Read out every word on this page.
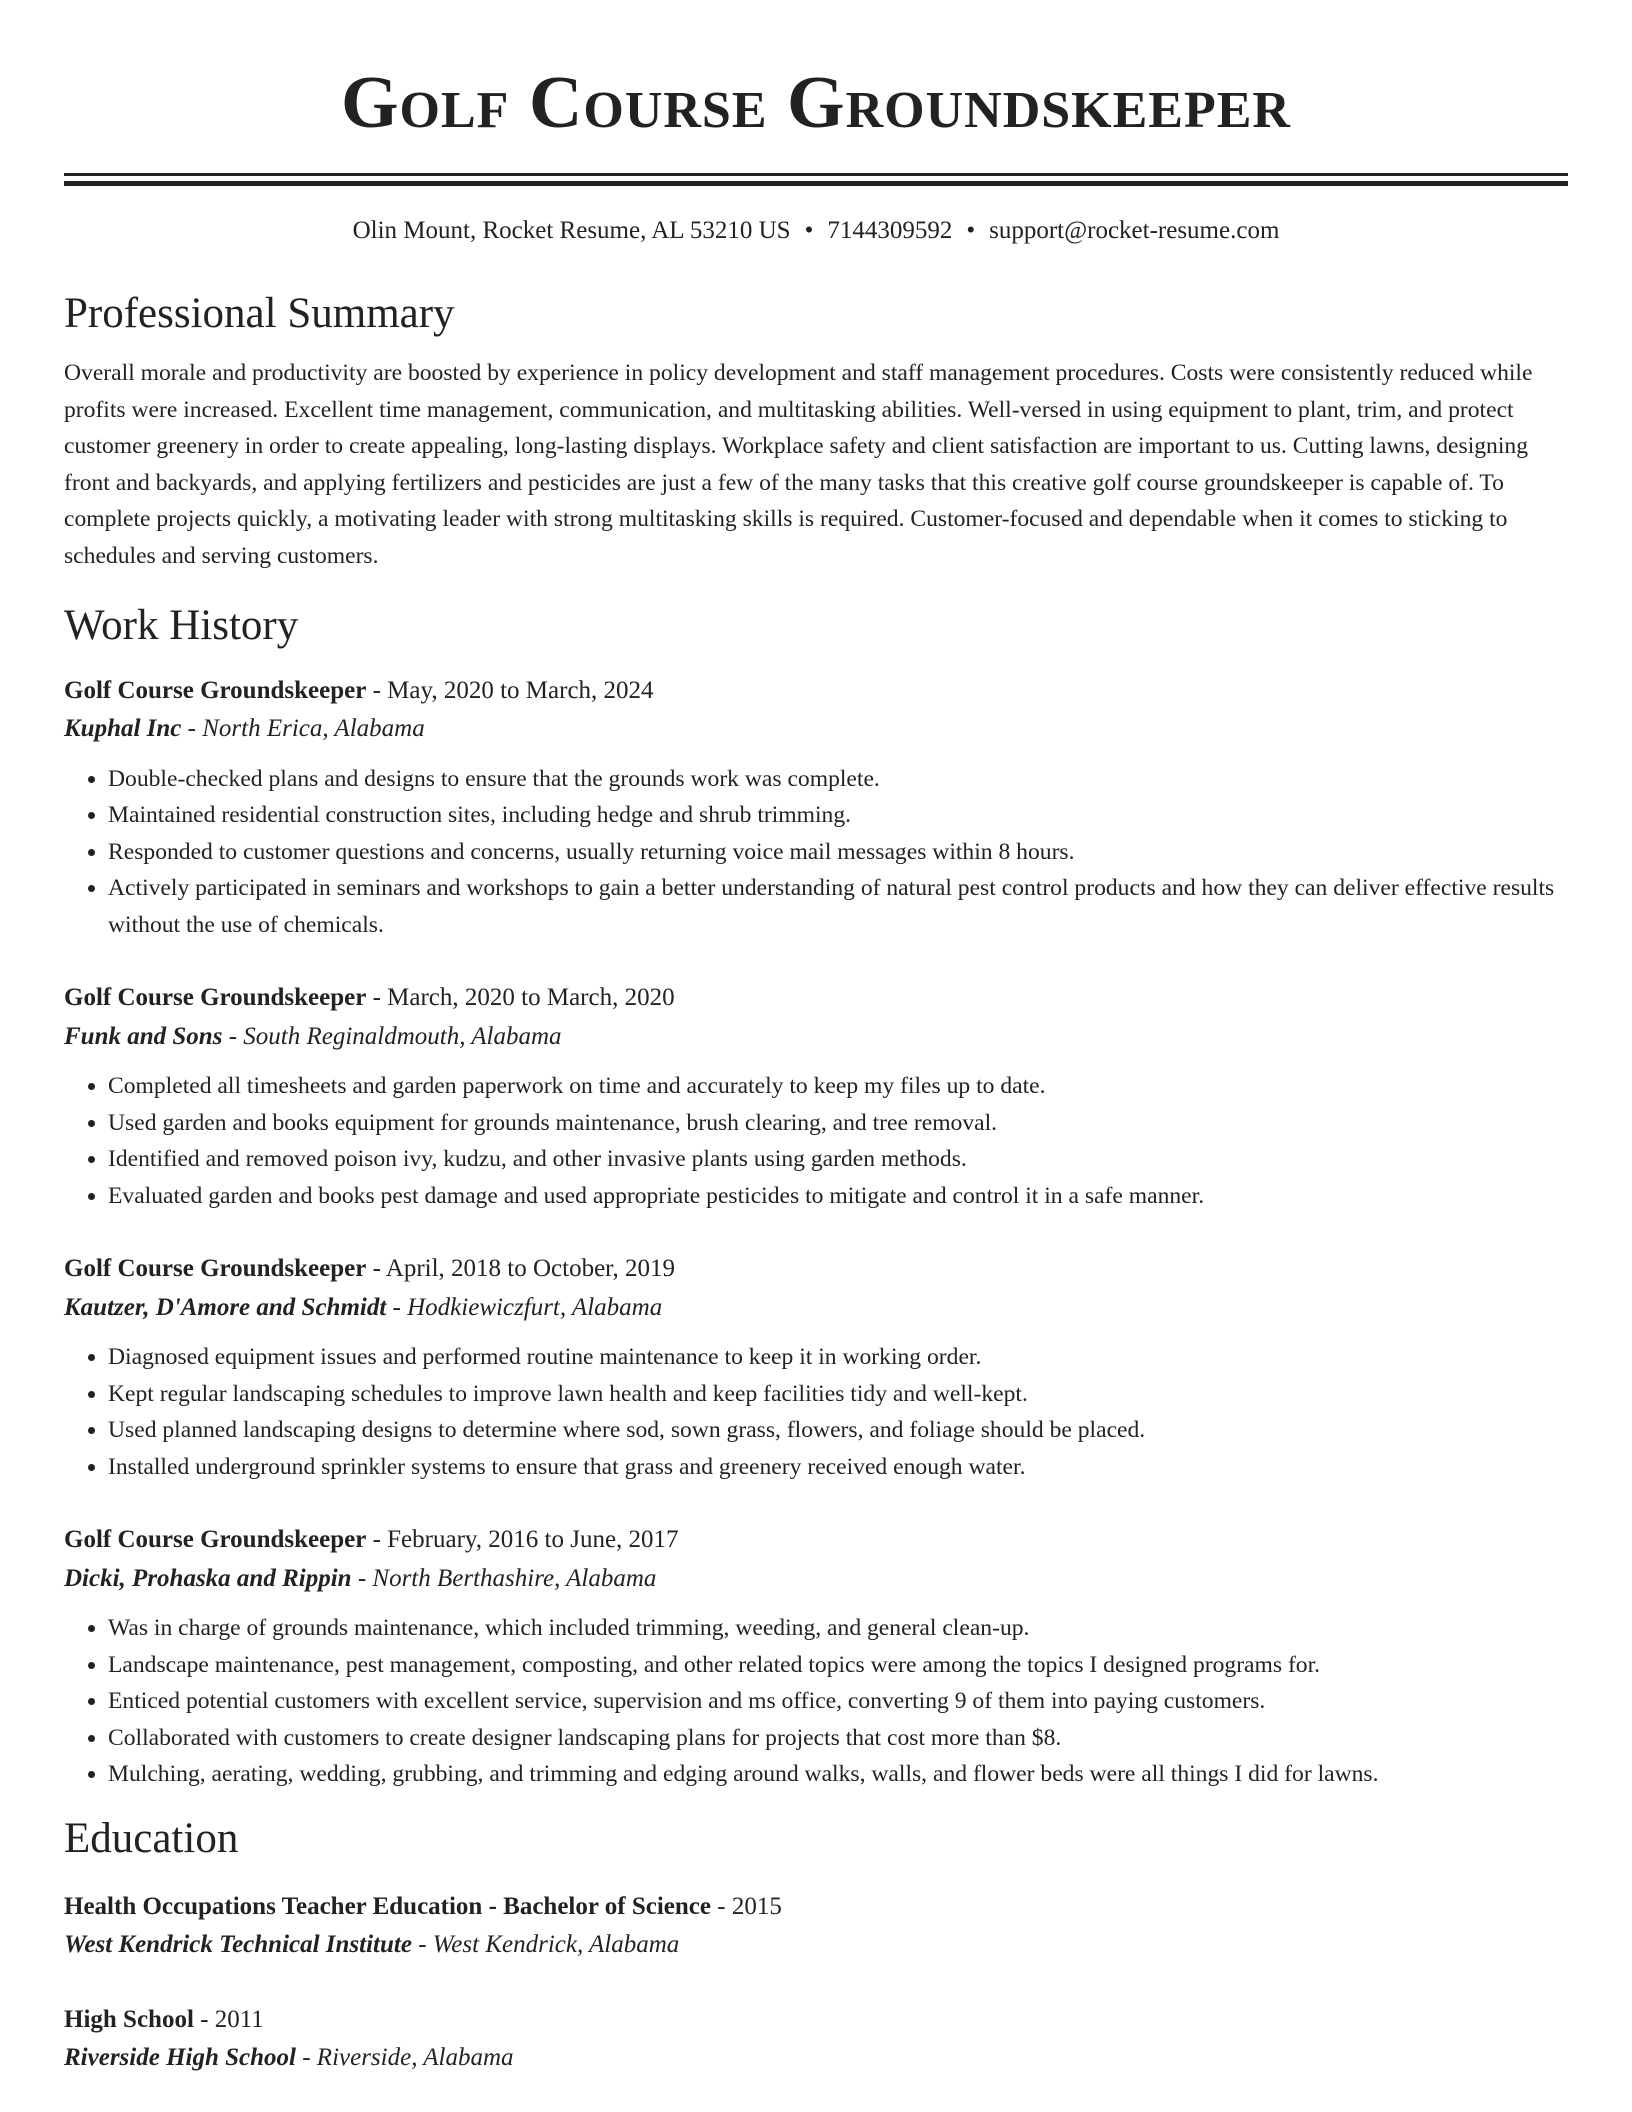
Golf Course Groundskeeper
Olin Mount, Rocket Resume, AL 53210 US • 7144309592 • support@rocket-resume.com
Professional Summary

Overall morale and productivity are boosted by experience in policy development and staff management procedures. Costs were consistently reduced while profits were increased. Excellent time management, communication, and multitasking abilities. Well-versed in using equipment to plant, trim, and protect customer greenery in order to create appealing, long-lasting displays. Workplace safety and client satisfaction are important to us. Cutting lawns, designing front and backyards, and applying fertilizers and pesticides are just a few of the many tasks that this creative golf course groundskeeper is capable of. To complete projects quickly, a motivating leader with strong multitasking skills is required. Customer-focused and dependable when it comes to sticking to schedules and serving customers.

Work History
Golf Course Groundskeeper - May, 2020 to March, 2024
Kuphal Inc - North Erica, Alabama
• Double-checked plans and designs to ensure that the grounds work was complete.
• Maintained residential construction sites, including hedge and shrub trimming.
• Responded to customer questions and concerns, usually returning voice mail messages within 8 hours.
• Actively participated in seminars and workshops to gain a better understanding of natural pest control products and how they can deliver effective results without the use of chemicals.
Golf Course Groundskeeper - March, 2020 to March, 2020
Funk and Sons - South Reginaldmouth, Alabama
• Completed all timesheets and garden paperwork on time and accurately to keep my files up to date.
• Used garden and books equipment for grounds maintenance, brush clearing, and tree removal.
• Identified and removed poison ivy, kudzu, and other invasive plants using garden methods.
• Evaluated garden and books pest damage and used appropriate pesticides to mitigate and control it in a safe manner.
Golf Course Groundskeeper - April, 2018 to October, 2019
Kautzer, D'Amore and Schmidt - Hodkiewiczfurt, Alabama
• Diagnosed equipment issues and performed routine maintenance to keep it in working order.
• Kept regular landscaping schedules to improve lawn health and keep facilities tidy and well-kept.
• Used planned landscaping designs to determine where sod, sown grass, flowers, and foliage should be placed.
• Installed underground sprinkler systems to ensure that grass and greenery received enough water.
Golf Course Groundskeeper - February, 2016 to June, 2017
Dicki, Prohaska and Rippin - North Berthashire, Alabama
• Was in charge of grounds maintenance, which included trimming, weeding, and general clean-up.
• Landscape maintenance, pest management, composting, and other related topics were among the topics I designed programs for.
• Enticed potential customers with excellent service, supervision and ms office, converting 9 of them into paying customers.
• Collaborated with customers to create designer landscaping plans for projects that cost more than $8.
• Mulching, aerating, wedding, grubbing, and trimming and edging around walks, walls, and flower beds were all things I did for lawns.
Education
Health Occupations Teacher Education - Bachelor of Science - 2015
West Kendrick Technical Institute - West Kendrick, Alabama
High School - 2011
Riverside High School - Riverside, Alabama
